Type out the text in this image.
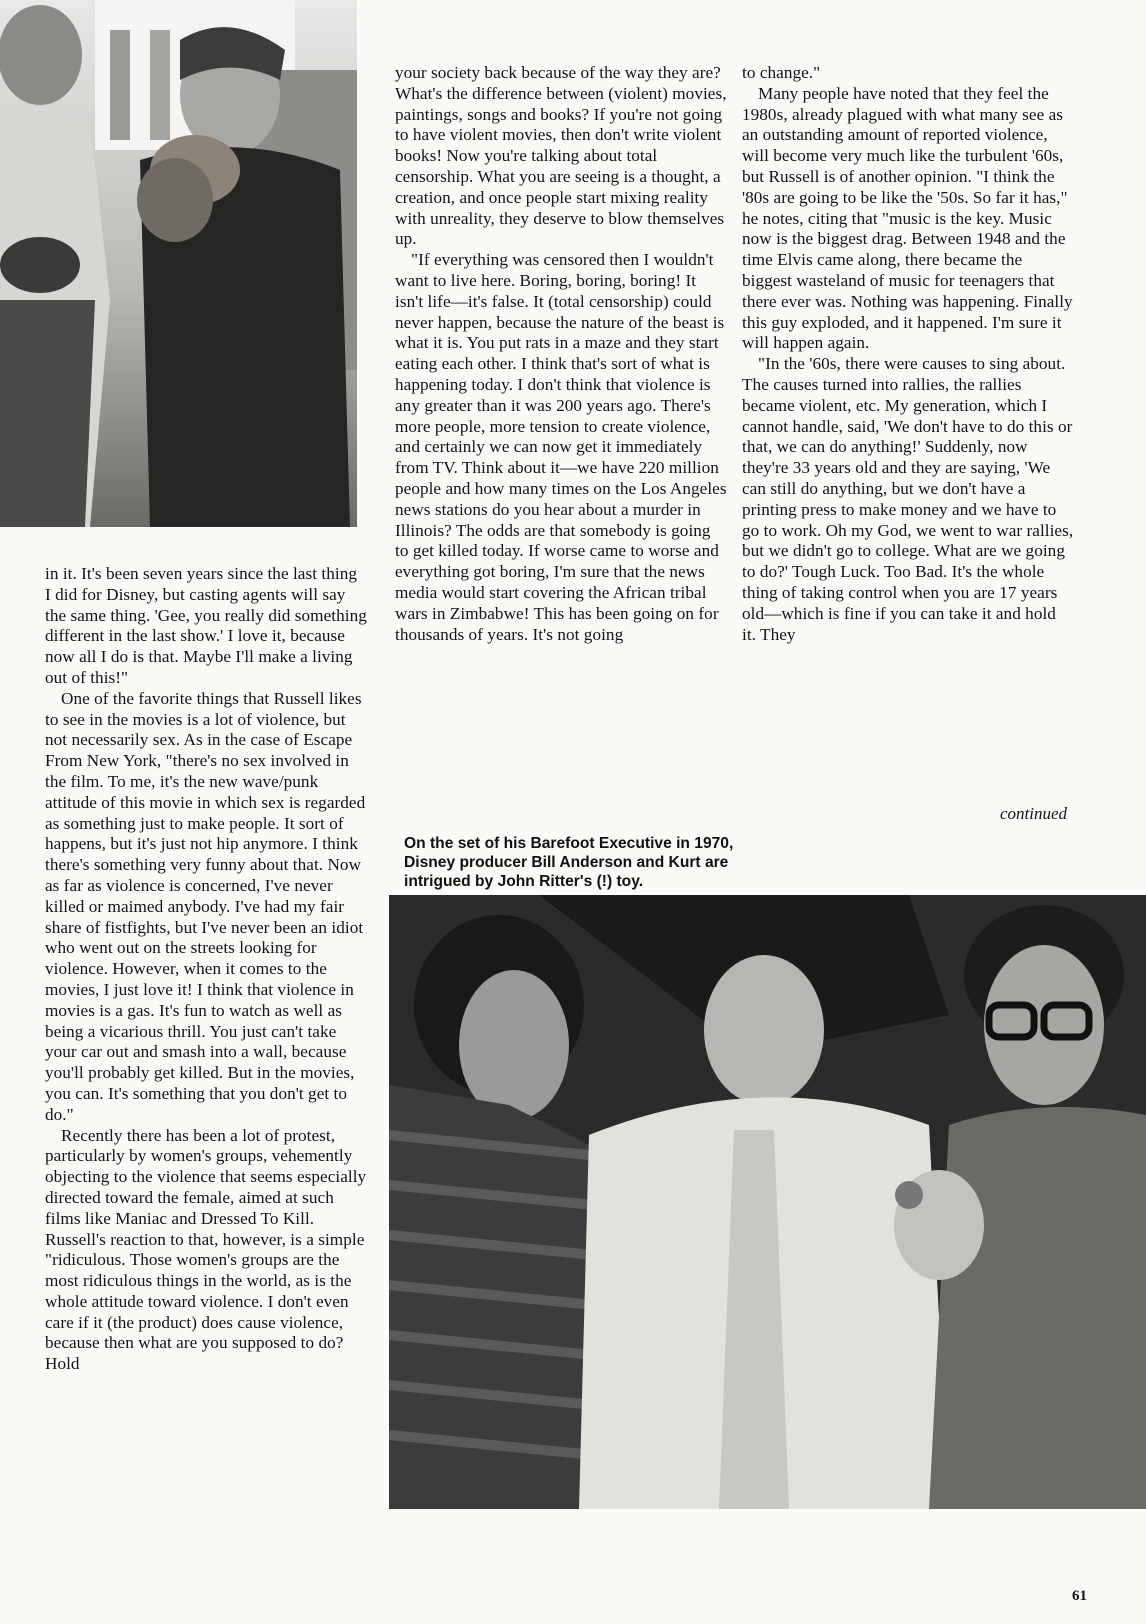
in it. It's been seven years since the last thing I did for Disney, but casting agents will say the same thing. 'Gee, you really did something different in the last show.' I love it, because now all I do is that. Maybe I'll make a living out of this!"

One of the favorite things that Russell likes to see in the movies is a lot of violence, but not necessarily sex. As in the case of Escape From New York, "there's no sex involved in the film. To me, it's the new wave/punk attitude of this movie in which sex is regarded as something just to make people. It sort of happens, but it's just not hip anymore. I think there's something very funny about that. Now as far as violence is concerned, I've never killed or maimed anybody. I've had my fair share of fistfights, but I've never been an idiot who went out on the streets looking for violence. However, when it comes to the movies, I just love it! I think that violence in movies is a gas. It's fun to watch as well as being a vicarious thrill. You just can't take your car out and smash into a wall, because you'll probably get killed. But in the movies, you can. It's something that you don't get to do."

Recently there has been a lot of protest, particularly by women's groups, vehemently objecting to the violence that seems especially directed toward the female, aimed at such films like Maniac and Dressed To Kill. Russell's reaction to that, however, is a simple "ridiculous. Those women's groups are the most ridiculous things in the world, as is the whole attitude toward violence. I don't even care if it (the product) does cause violence, because then what are you supposed to do? Hold

your society back because of the way they are? What's the difference between (violent) movies, paintings, songs and books? If you're not going to have violent movies, then don't write violent books! Now you're talking about total censorship. What you are seeing is a thought, a creation, and once people start mixing reality with unreality, they deserve to blow themselves up.

"If everything was censored then I wouldn't want to live here. Boring, boring, boring! It isn't life—it's false. It (total censorship) could never happen, because the nature of the beast is what it is. You put rats in a maze and they start eating each other. I think that's sort of what is happening today. I don't think that violence is any greater than it was 200 years ago. There's more people, more tension to create violence, and certainly we can now get it immediately from TV. Think about it—we have 220 million people and how many times on the Los Angeles news stations do you hear about a murder in Illinois? The odds are that somebody is going to get killed today. If worse came to worse and everything got boring, I'm sure that the news media would start covering the African tribal wars in Zimbabwe! This has been going on for thousands of years. It's not going

to change."

Many people have noted that they feel the 1980s, already plagued with what many see as an outstanding amount of reported violence, will become very much like the turbulent '60s, but Russell is of another opinion. "I think the '80s are going to be like the '50s. So far it has," he notes, citing that "music is the key. Music now is the biggest drag. Between 1948 and the time Elvis came along, there became the biggest wasteland of music for teenagers that there ever was. Nothing was happening. Finally this guy exploded, and it happened. I'm sure it will happen again.

"In the '60s, there were causes to sing about. The causes turned into rallies, the rallies became violent, etc. My generation, which I cannot handle, said, 'We don't have to do this or that, we can do anything!' Suddenly, now they're 33 years old and they are saying, 'We can still do anything, but we don't have a printing press to make money and we have to go to work. Oh my God, we went to war rallies, but we didn't go to college. What are we going to do?' Tough Luck. Too Bad. It's the whole thing of taking control when you are 17 years old—which is fine if you can take it and hold it. They

continued
On the set of his Barefoot Executive in 1970, Disney producer Bill Anderson and Kurt are intrigued by John Ritter's (!) toy.
61
